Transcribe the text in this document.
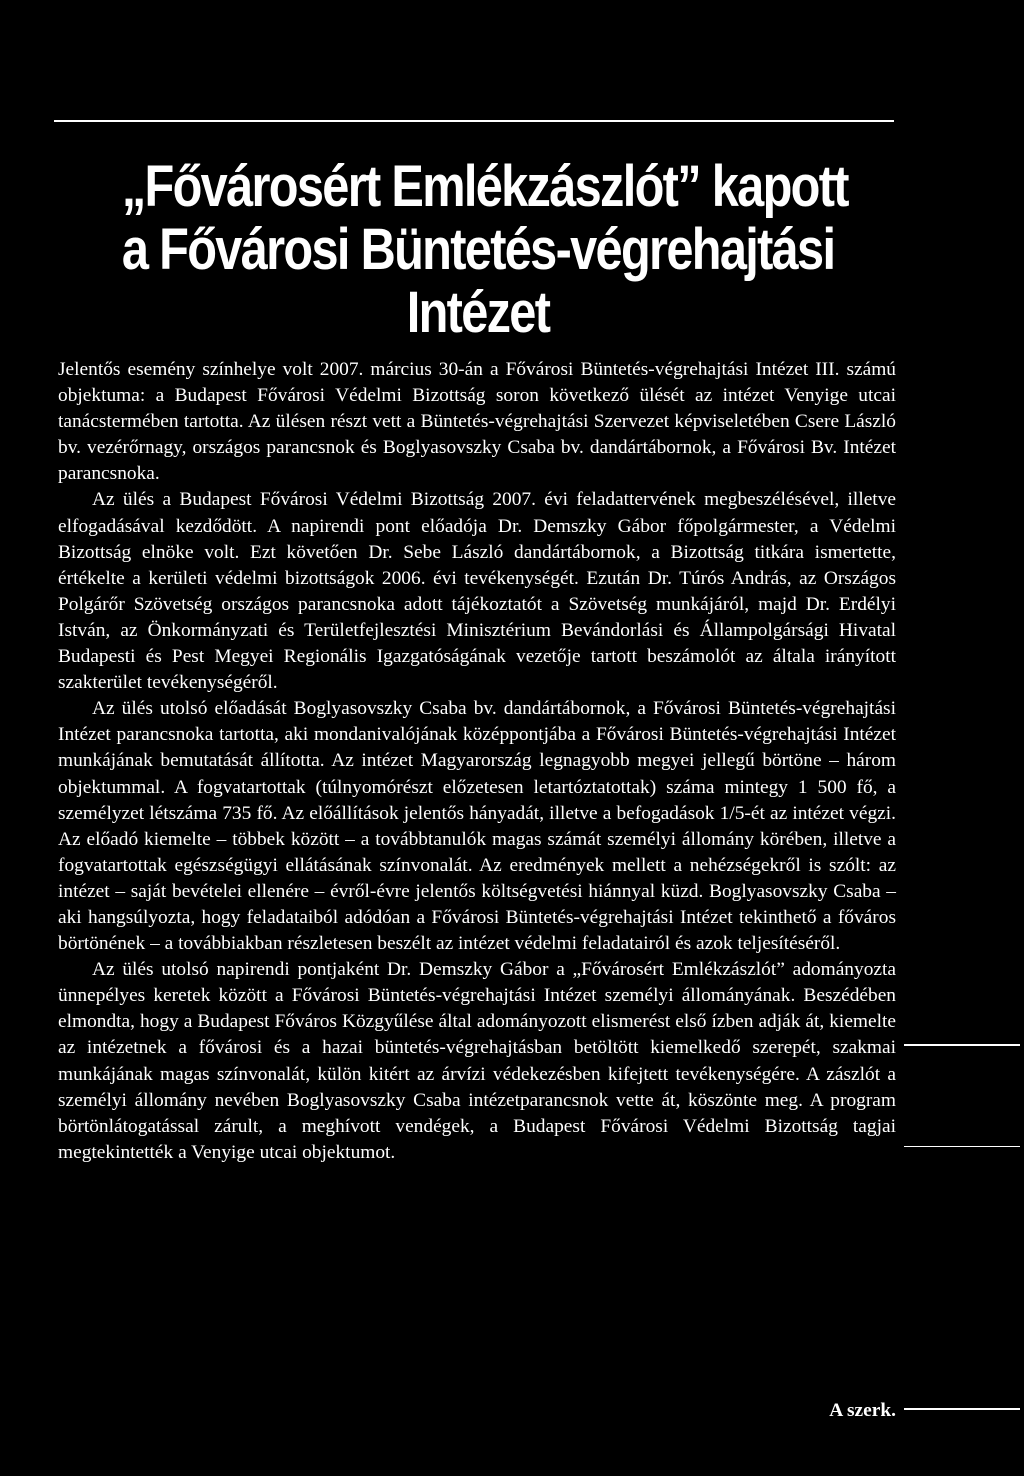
„Fővárosért Emlékzászlót” kapott
a Fővárosi Büntetés-végrehajtási
Intézet

Jelentős esemény színhelye volt 2007. március 30-án a Fővárosi Büntetés-végrehajtási Intézet III. számú objektuma: a Budapest Fővárosi Védelmi Bizottság soron következő ülését az intézet Venyige utcai tanácstermében tartotta. Az ülésen részt vett a Büntetés-végrehajtási Szervezet képviseletében Csere László bv. vezérőrnagy, országos parancsnok és Boglyasovszky Csaba bv. dandártábornok, a Fővárosi Bv. Intézet parancsnoka.

Az ülés a Budapest Fővárosi Védelmi Bizottság 2007. évi feladattervének megbeszélésével, illetve elfogadásával kezdődött. A napirendi pont előadója Dr. Demszky Gábor főpolgármester, a Védelmi Bizottság elnöke volt. Ezt követően Dr. Sebe László dandártábornok, a Bizottság titkára ismertette, értékelte a kerületi védelmi bizottságok 2006. évi tevékenységét. Ezután Dr. Túrós András, az Országos Polgárőr Szövetség országos parancsnoka adott tájékoztatót a Szövetség munkájáról, majd Dr. Erdélyi István, az Önkormányzati és Területfejlesztési Minisztérium Bevándorlási és Állampolgársági Hivatal Budapesti és Pest Megyei Regionális Igazgatóságának vezetője tartott beszámolót az általa irányított szakterület tevékenységéről.

Az ülés utolsó előadását Boglyasovszky Csaba bv. dandártábornok, a Fővárosi Büntetés-végrehajtási Intézet parancsnoka tartotta, aki mondanivalójának középpontjába a Fővárosi Büntetés-végrehajtási Intézet munkájának bemutatását állította. Az intézet Magyarország legnagyobb megyei jellegű börtöne – három objektummal. A fogvatartottak (túlnyomórészt előzetesen letartóztatottak) száma mintegy 1 500 fő, a személyzet létszáma 735 fő. Az előállítások jelentős hányadát, illetve a befogadások 1/5-ét az intézet végzi. Az előadó kiemelte – többek között – a továbbtanulók magas számát személyi állomány körében, illetve a fogvatartottak egészségügyi ellátásának színvonalát. Az eredmények mellett a nehézségekről is szólt: az intézet – saját bevételei ellenére – évről-évre jelentős költségvetési hiánnyal küzd. Boglyasovszky Csaba – aki hangsúlyozta, hogy feladataiból adódóan a Fővárosi Büntetés-végrehajtási Intézet tekinthető a főváros börtönének – a továbbiakban részletesen beszélt az intézet védelmi feladatairól és azok teljesítéséről.

Az ülés utolsó napirendi pontjaként Dr. Demszky Gábor a „Fővárosért Emlékzászlót” adományozta ünnepélyes keretek között a Fővárosi Büntetés-végrehajtási Intézet személyi állományának. Beszédében elmondta, hogy a Budapest Főváros Közgyűlése által adományozott elismerést első ízben adják át, kiemelte az intézetnek a fővárosi és a hazai büntetés-végrehajtásban betöltött kiemelkedő szerepét, szakmai munkájának magas színvonalát, külön kitért az árvízi védekezésben kifejtett tevékenységére. A zászlót a személyi állomány nevében Boglyasovszky Csaba intézetparancsnok vette át, köszönte meg. A program börtönlátogatással zárult, a meghívott vendégek, a Budapest Fővárosi Védelmi Bizottság tagjai megtekintették a Venyige utcai objektumot.

A szerk.
